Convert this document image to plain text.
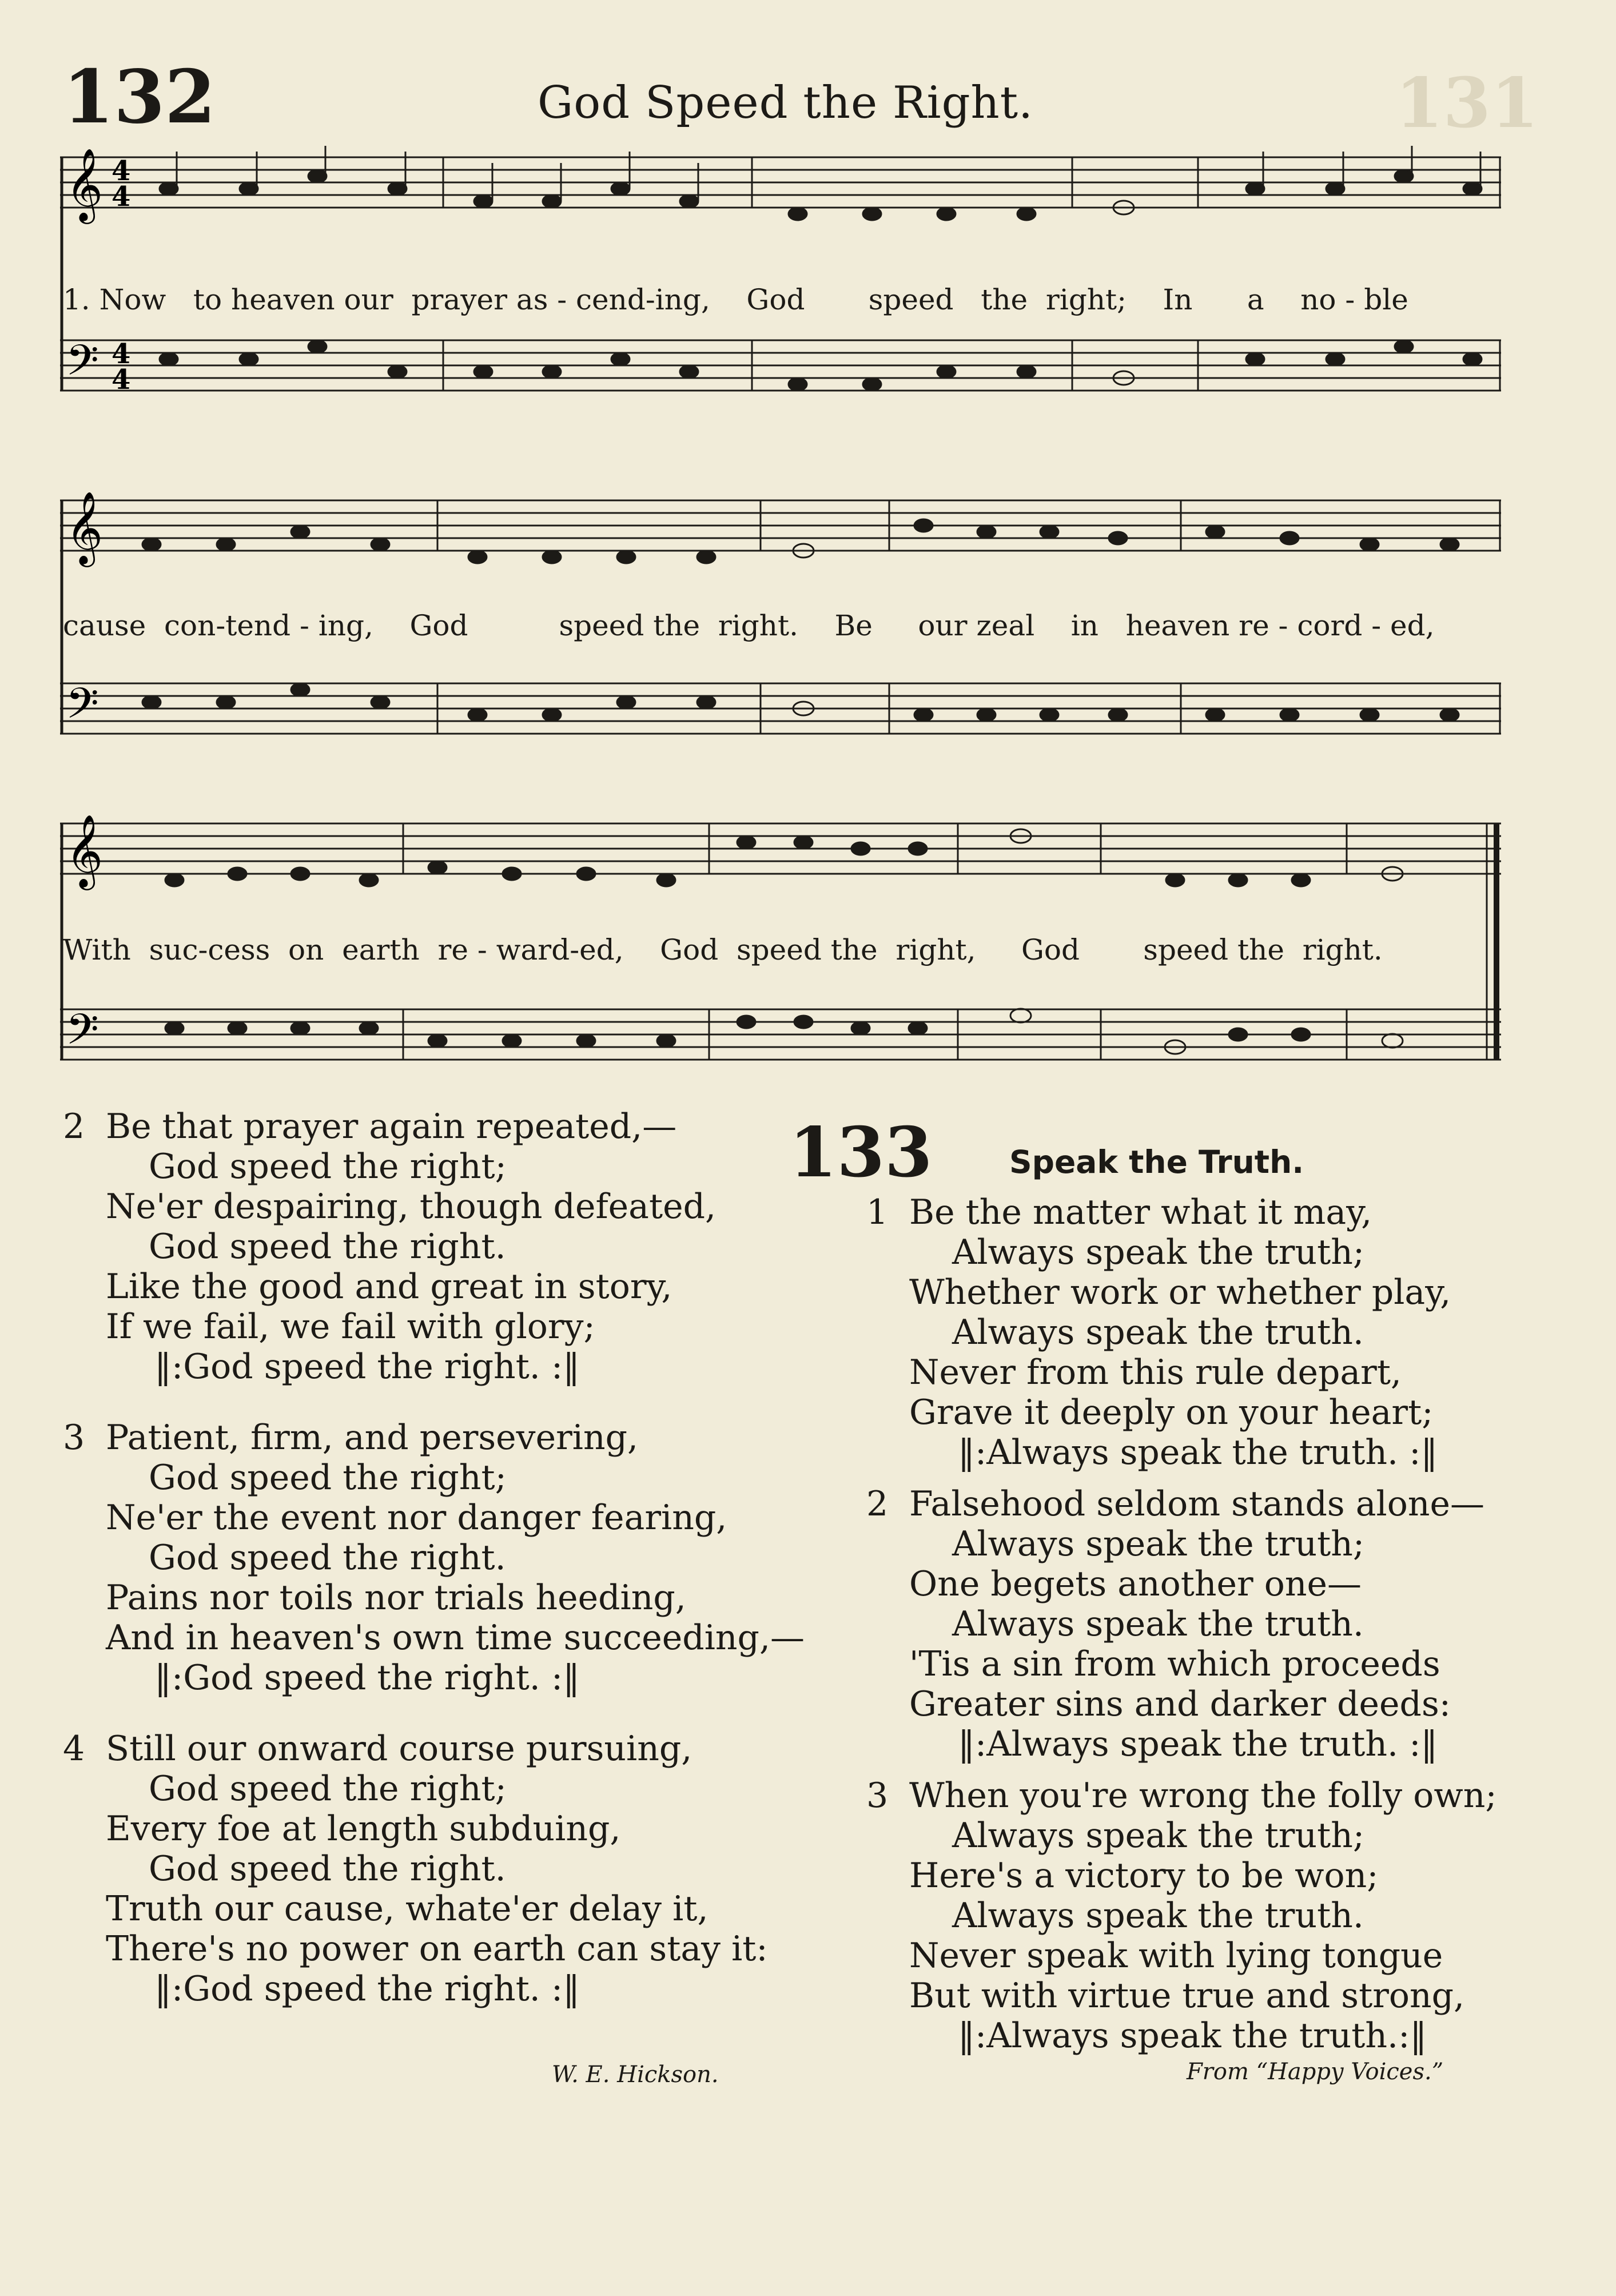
132	God Speed the Right.	131
𝄞
𝄢
4
4
4
4
1. Now   to heaven our  prayer as - cend-ing,    God       speed   the  right;    In      a    no - ble
𝄞
𝄢
cause  con-tend - ing,    God          speed the  right.    Be     our zeal    in   heaven re - cord - ed,
𝄞
𝄢
With  suc-cess  on  earth  re - ward-ed,    God  speed the  right,     God       speed the  right.
2 Be that prayer again repeated,—
God speed the right;
Ne'er despairing, though defeated,
God speed the right.
Like the good and great in story,
If we fail, we fail with glory;
‖:God speed the right. :‖
3 Patient, firm, and persevering,
God speed the right;
Ne'er the event nor danger fearing,
God speed the right.
Pains nor toils nor trials heeding,
And in heaven's own time succeeding,—
‖:God speed the right. :‖
4 Still our onward course pursuing,
God speed the right;
Every foe at length subduing,
God speed the right.
Truth our cause, whate'er delay it,
There's no power on earth can stay it:
‖:God speed the right. :‖
W. E. Hickson.
133 Speak the Truth.
1 Be the matter what it may,
Always speak the truth;
Whether work or whether play,
Always speak the truth.
Never from this rule depart,
Grave it deeply on your heart;
‖:Always speak the truth. :‖
2 Falsehood seldom stands alone—
Always speak the truth;
One begets another one—
Always speak the truth.
'Tis a sin from which proceeds
Greater sins and darker deeds:
‖:Always speak the truth. :‖
3 When you're wrong the folly own;
Always speak the truth;
Here's a victory to be won;
Always speak the truth.
Never speak with lying tongue
But with virtue true and strong,
‖:Always speak the truth.:‖
From “Happy Voices.”
